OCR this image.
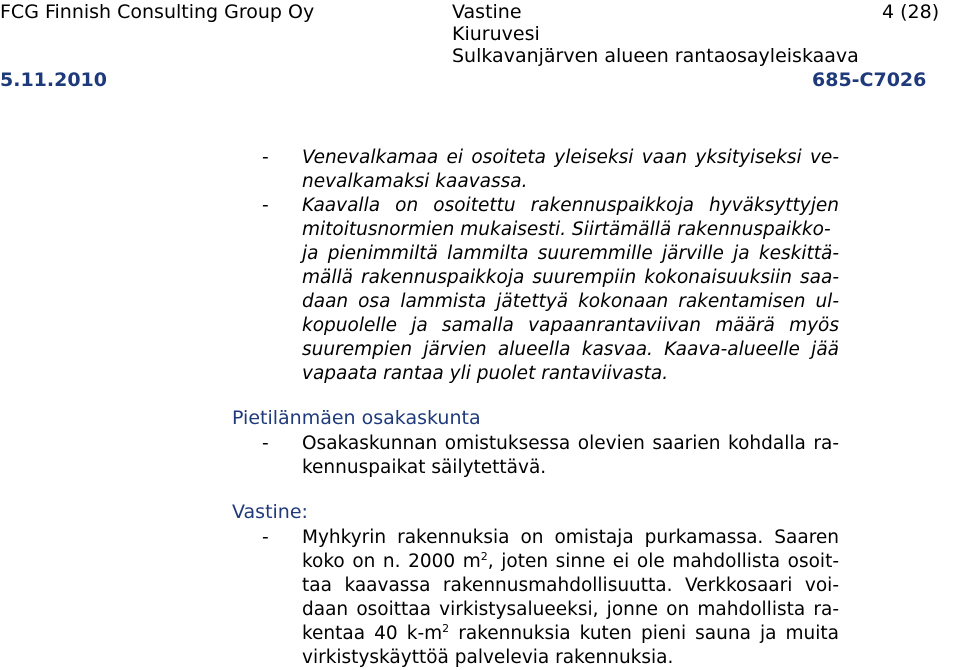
FCG Finnish Consulting Group Oy	Vastine	4 (28)
Kiuruvesi
Sulkavanjärven alueen rantaosayleiskaava
5.11.2010	685-C7026
- Venevalkamaa ei osoiteta yleiseksi vaan yksityiseksi ve-
nevalkamaksi kaavassa.
- Kaavalla on osoitettu rakennuspaikkoja hyväksyttyjen
mitoitusnormien mukaisesti. Siirtämällä rakennuspaikko-
ja pienimmiltä lammilta suuremmille järville ja keskittä-
mällä rakennuspaikkoja suurempiin kokonaisuuksiin saa-
daan osa lammista jätettyä kokonaan rakentamisen ul-
kopuolelle ja samalla vapaanrantaviivan määrä myös
suurempien järvien alueella kasvaa. Kaava-alueelle jää
vapaata rantaa yli puolet rantaviivasta.
Pietilänmäen osakaskunta
- Osakaskunnan omistuksessa olevien saarien kohdalla ra-
kennuspaikat säilytettävä.
Vastine:
- Myhkyrin rakennuksia on omistaja purkamassa. Saaren
koko on n. 2000 $m^2$, joten sinne ei ole mahdollista osoit-
taa kaavassa rakennusmahdollisuutta. Verkkosaari voi-
daan osoittaa virkistysalueeksi, jonne on mahdollista ra-
kentaa 40 $k-m^2$ rakennuksia kuten pieni sauna ja muita
virkistyskäyttöä palvelevia rakennuksia.
